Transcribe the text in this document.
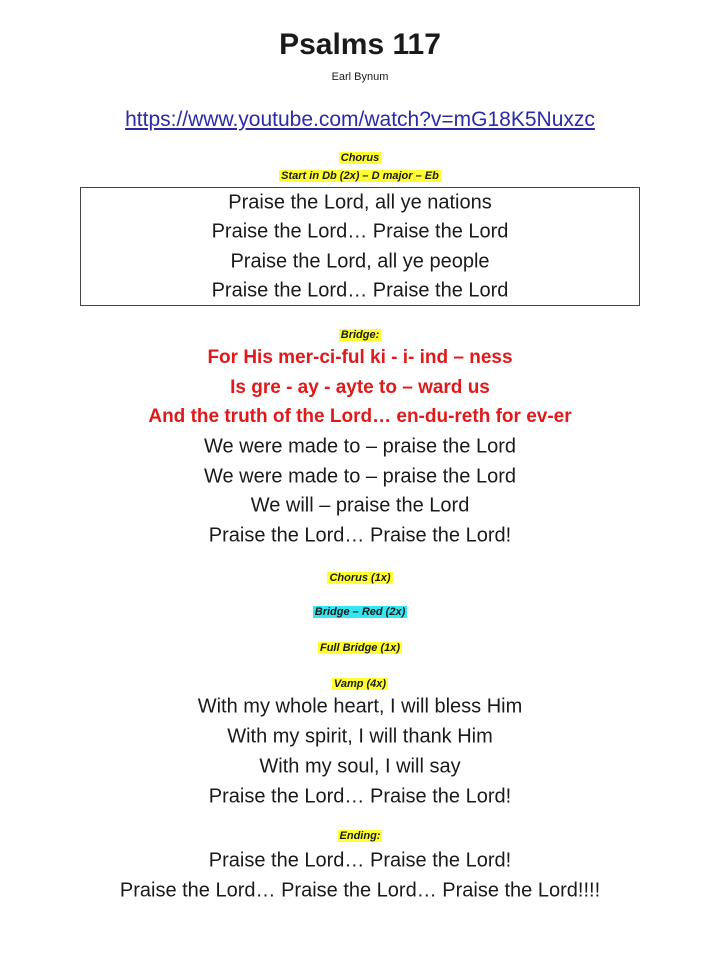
Psalms 117
Earl Bynum
https://www.youtube.com/watch?v=mG18K5Nuxzc
Chorus
Start in Db (2x) – D major – Eb
Praise the Lord, all ye nations
Praise the Lord… Praise the Lord
Praise the Lord, all ye people
Praise the Lord… Praise the Lord
Bridge:
For His mer-ci-ful ki - i- ind – ness
Is gre - ay - ayte to – ward us
And the truth of the Lord… en-du-reth for ev-er
We were made to – praise the Lord
We were made to – praise the Lord
We will – praise the Lord
Praise the Lord… Praise the Lord!
Chorus (1x)
Bridge – Red (2x)
Full Bridge (1x)
Vamp (4x)
With my whole heart, I will bless Him
With my spirit, I will thank Him
With my soul, I will say
Praise the Lord… Praise the Lord!
Ending:
Praise the Lord… Praise the Lord!
Praise the Lord… Praise the Lord… Praise the Lord!!!!
